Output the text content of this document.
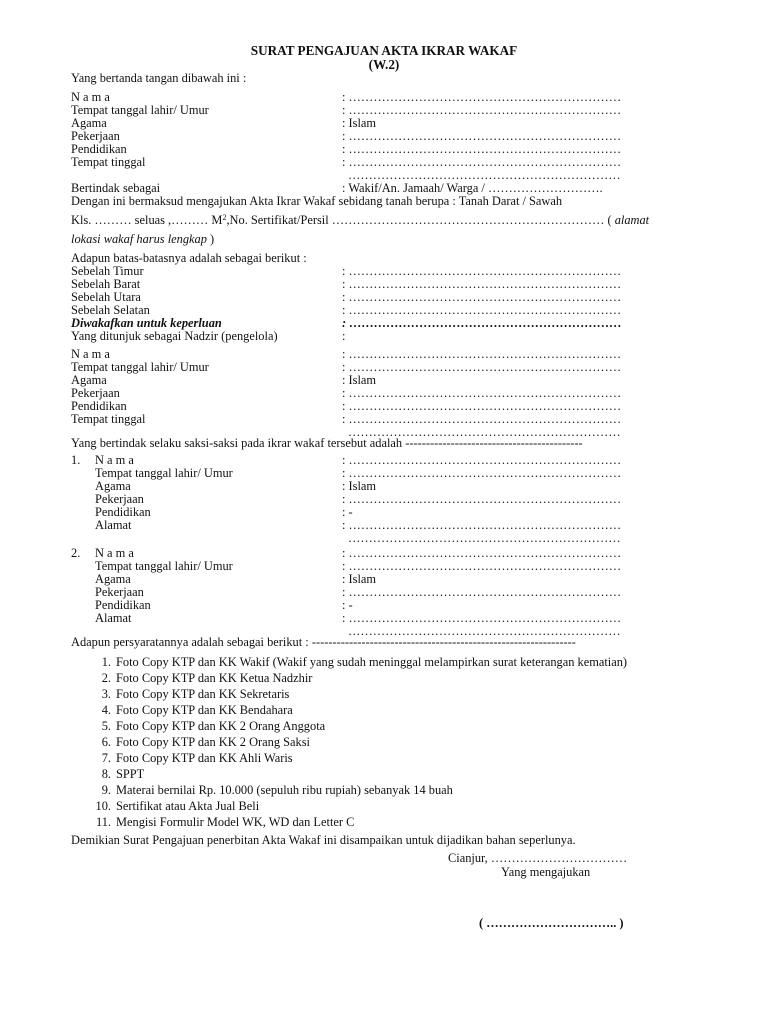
SURAT PENGAJUAN AKTA IKRAR WAKAF
(W.2)
Yang bertanda tangan dibawah ini :
N a m a	: …………………………………………………………
Tempat tanggal lahir/ Umur	: …………………………………………………………
Agama	: Islam
Pekerjaan	: …………………………………………………………
Pendidikan	: …………………………………………………………
Tempat tinggal	: …………………………………………………………
…………………………………………………………
Bertindak sebagai	: Wakif/An. Jamaah/ Warga / ……………………….
Dengan ini bermaksud mengajukan Akta Ikrar Wakaf sebidang tanah berupa : Tanah Darat / Sawah
Kls. ……… seluas ,……… $M^2,No$. Sertifikat/Persil ………………………………………………………… ( alamat
lokasi wakaf harus lengkap )
Adapun batas-batasnya adalah sebagai berikut :
Sebelah Timur	: …………………………………………………………
Sebelah Barat	: …………………………………………………………
Sebelah Utara	: …………………………………………………………
Sebelah Selatan	: …………………………………………………………
Diwakafkan untuk keperluan	: …………………………………………………………
Yang ditunjuk sebagai Nadzir (pengelola)	:
N a m a	: …………………………………………………………
Tempat tanggal lahir/ Umur	: …………………………………………………………
Agama	: Islam
Pekerjaan	: …………………………………………………………
Pendidikan	: …………………………………………………………
Tempat tinggal	: …………………………………………………………
…………………………………………………………
Yang bertindak selaku saksi-saksi pada ikrar wakaf tersebut adalah -------------------------------------------
1. N a m a	: …………………………………………………………
Tempat tanggal lahir/ Umur	: …………………………………………………………
Agama	: Islam
Pekerjaan	: …………………………………………………………
Pendidikan	: -
Alamat	: …………………………………………………………
…………………………………………………………
2. N a m a	: …………………………………………………………
Tempat tanggal lahir/ Umur	: …………………………………………………………
Agama	: Islam
Pekerjaan	: …………………………………………………………
Pendidikan	: -
Alamat	: …………………………………………………………
…………………………………………………………
Adapun persyaratannya adalah sebagai berikut : ----------------------------------------------------------------
1. Foto Copy KTP dan KK Wakif (Wakif yang sudah meninggal melampirkan surat keterangan kematian)
2. Foto Copy KTP dan KK Ketua Nadzhir
3. Foto Copy KTP dan KK Sekretaris
4. Foto Copy KTP dan KK Bendahara
5. Foto Copy KTP dan KK 2 Orang Anggota
6. Foto Copy KTP dan KK 2 Orang Saksi
7. Foto Copy KTP dan KK Ahli Waris
8. SPPT
9. Materai bernilai Rp. 10.000 (sepuluh ribu rupiah) sebanyak 14 buah
10. Sertifikat atau Akta Jual Beli
11. Mengisi Formulir Model WK, WD dan Letter C
Demikian Surat Pengajuan penerbitan Akta Wakaf ini disampaikan untuk dijadikan bahan seperlunya.
Cianjur, ……………………………
Yang mengajukan
( ………………………….. )
